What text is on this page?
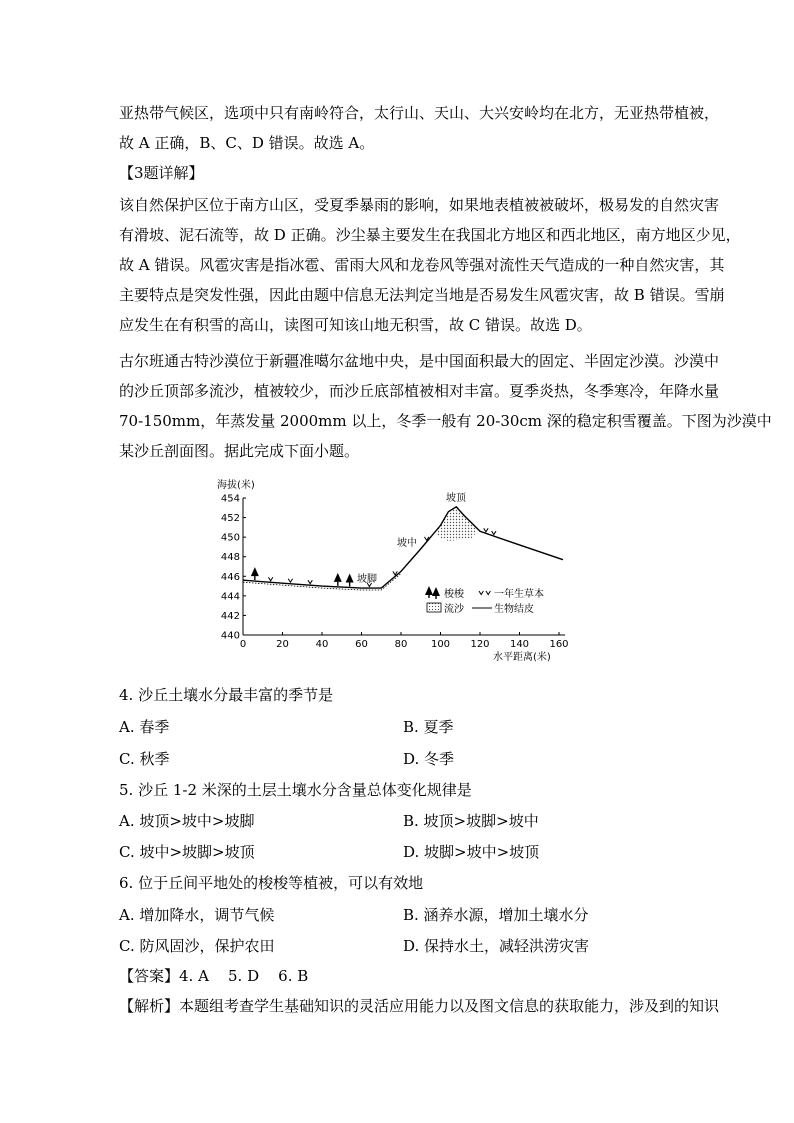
亚热带气候区，选项中只有南岭符合，太行山、天山、大兴安岭均在北方，无亚热带植被，
故 A 正确，B、C、D 错误。故选 A。
【3题详解】
该自然保护区位于南方山区，受夏季暴雨的影响，如果地表植被被破坏，极易发的自然灾害
有滑坡、泥石流等，故 D 正确。沙尘暴主要发生在我国北方地区和西北地区，南方地区少见，
故 A 错误。风雹灾害是指冰雹、雷雨大风和龙卷风等强对流性天气造成的一种自然灾害，其
主要特点是突发性强，因此由题中信息无法判定当地是否易发生风雹灾害，故 B 错误。雪崩
应发生在有积雪的高山，读图可知该山地无积雪，故 C 错误。故选 D。
古尔班通古特沙漠位于新疆准噶尔盆地中央，是中国面积最大的固定、半固定沙漠。沙漠中
的沙丘顶部多流沙，植被较少，而沙丘底部植被相对丰富。夏季炎热，冬季寒冷，年降水量
70-150mm，年蒸发量 2000mm 以上，冬季一般有 20-30cm 深的稳定积雪覆盖。下图为沙漠中
某沙丘剖面图。据此完成下面小题。
海拔(米)
水平距离(米)
454
452
450
448
446
444
442
440
0	20	40	60	80 100 120 140 160
坡顶
坡中
坡脚
梭梭	一年生草本
流沙	生物结皮
4. 沙丘土壤水分最丰富的季节是
A. 春季	B. 夏季
C. 秋季	D. 冬季
5. 沙丘 1-2 米深的土层土壤水分含量总体变化规律是
A. 坡顶>坡中>坡脚	B. 坡顶>坡脚>坡中
C. 坡中>坡脚>坡顶	D. 坡脚>坡中>坡顶
6. 位于丘间平地处的梭梭等植被，可以有效地
A. 增加降水，调节气候	B. 涵养水源，增加土壤水分
C. 防风固沙，保护农田	D. 保持水土，减轻洪涝灾害
【答案】4. A    5. D    6. B
【解析】本题组考查学生基础知识的灵活应用能力以及图文信息的获取能力，涉及到的知识
